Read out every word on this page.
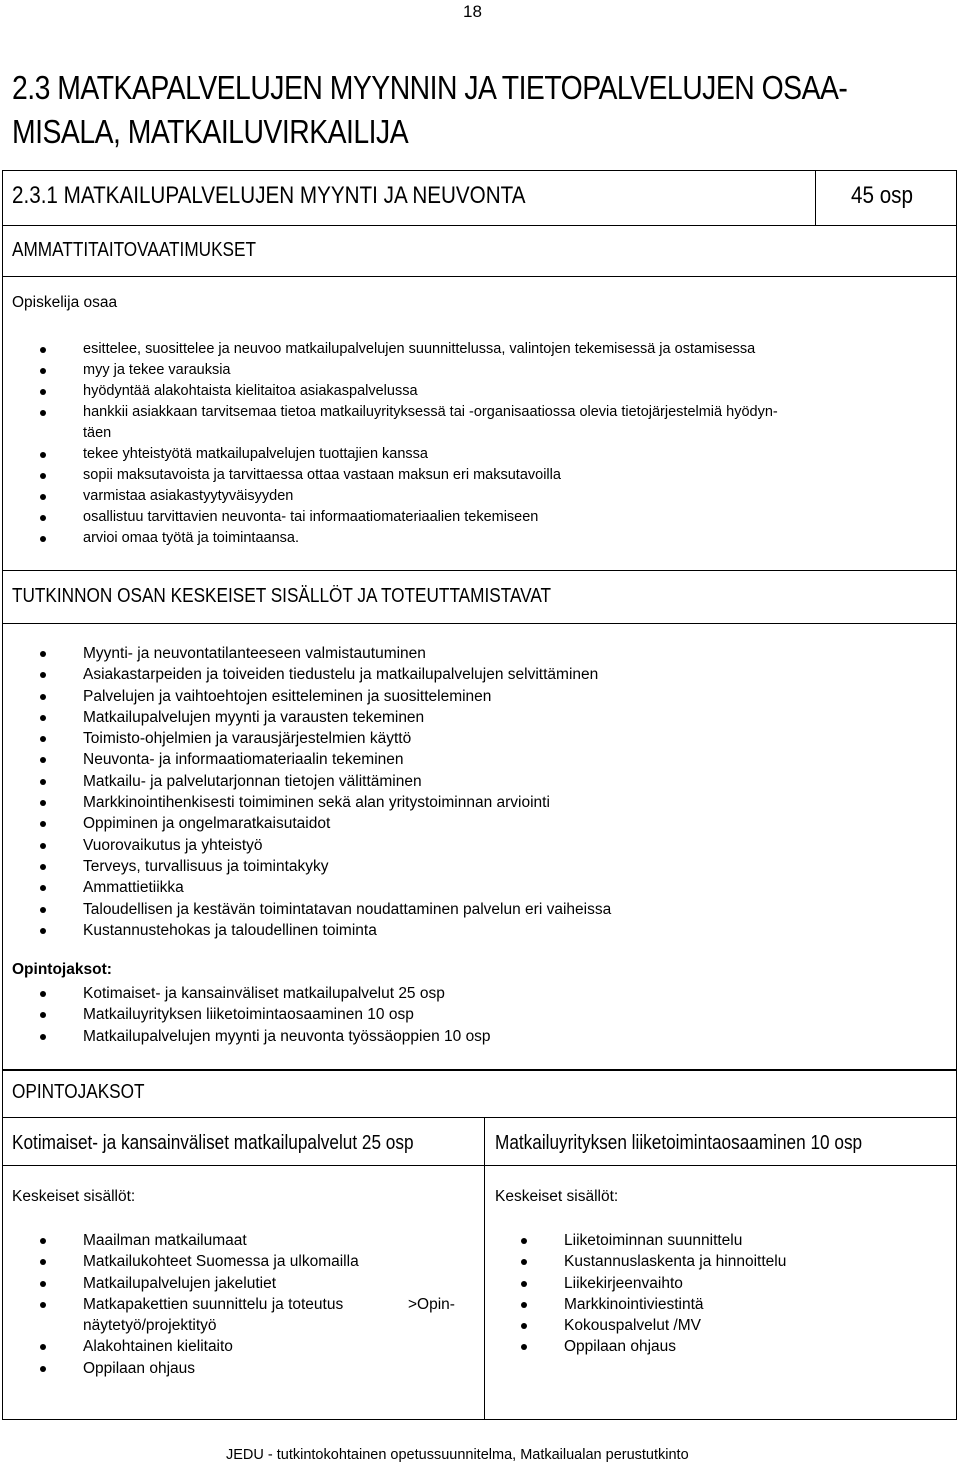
18
2.3 MATKAPALVELUJEN MYYNNIN JA TIETOPALVELUJEN OSAA-
MISALA, MATKAILUVIRKAILIJA
2.3.1 MATKAILUPALVELUJEN MYYNTI JA NEUVONTA	45 osp
AMMATTITAITOVAATIMUKSET
Opiskelija osaa
esittelee, suosittelee ja neuvoo matkailupalvelujen suunnittelussa, valintojen tekemisessä ja ostamisessa
myy ja tekee varauksia
hyödyntää alakohtaista kielitaitoa asiakaspalvelussa
hankkii asiakkaan tarvitsemaa tietoa matkailuyrityksessä tai -organisaatiossa olevia tietojärjestelmiä hyödyn-
täen
tekee yhteistyötä matkailupalvelujen tuottajien kanssa
sopii maksutavoista ja tarvittaessa ottaa vastaan maksun eri maksutavoilla
varmistaa asiakastyytyväisyyden
osallistuu tarvittavien neuvonta- tai informaatiomateriaalien tekemiseen
arvioi omaa työtä ja toimintaansa.
TUTKINNON OSAN KESKEISET SISÄLLÖT JA TOTEUTTAMISTAVAT
Myynti- ja neuvontatilanteeseen valmistautuminen
Asiakastarpeiden ja toiveiden tiedustelu ja matkailupalvelujen selvittäminen
Palvelujen ja vaihtoehtojen esitteleminen ja suositteleminen
Matkailupalvelujen myynti ja varausten tekeminen
Toimisto-ohjelmien ja varausjärjestelmien käyttö
Neuvonta- ja informaatiomateriaalin tekeminen
Matkailu- ja palvelutarjonnan tietojen välittäminen
Markkinointihenkisesti toimiminen sekä alan yritystoiminnan arviointi
Oppiminen ja ongelmaratkaisutaidot
Vuorovaikutus ja yhteistyö
Terveys, turvallisuus ja toimintakyky
Ammattietiikka
Taloudellisen ja kestävän toimintatavan noudattaminen palvelun eri vaiheissa
Kustannustehokas ja taloudellinen toiminta
Opintojaksot:
Kotimaiset- ja kansainväliset matkailupalvelut 25 osp
Matkailuyrityksen liiketoimintaosaaminen 10 osp
Matkailupalvelujen myynti ja neuvonta työssäoppien 10 osp
OPINTOJAKSOT
Kotimaiset- ja kansainväliset matkailupalvelut 25 osp
Keskeiset sisällöt:
Maailman matkailumaat
Matkailukohteet Suomessa ja ulkomailla
Matkailupalvelujen jakelutiet
Matkapakettien suunnittelu ja toteutus	>Opin-

näytetyö/projektityö
Alakohtainen kielitaito
Oppilaan ohjaus
Matkailuyrityksen liiketoimintaosaaminen 10 osp
Keskeiset sisällöt:
Liiketoiminnan suunnittelu
Kustannuslaskenta ja hinnoittelu
Liikekirjeenvaihto
Markkinointiviestintä
Kokouspalvelut /MV
Oppilaan ohjaus
JEDU - tutkintokohtainen opetussuunnitelma, Matkailualan perustutkinto
